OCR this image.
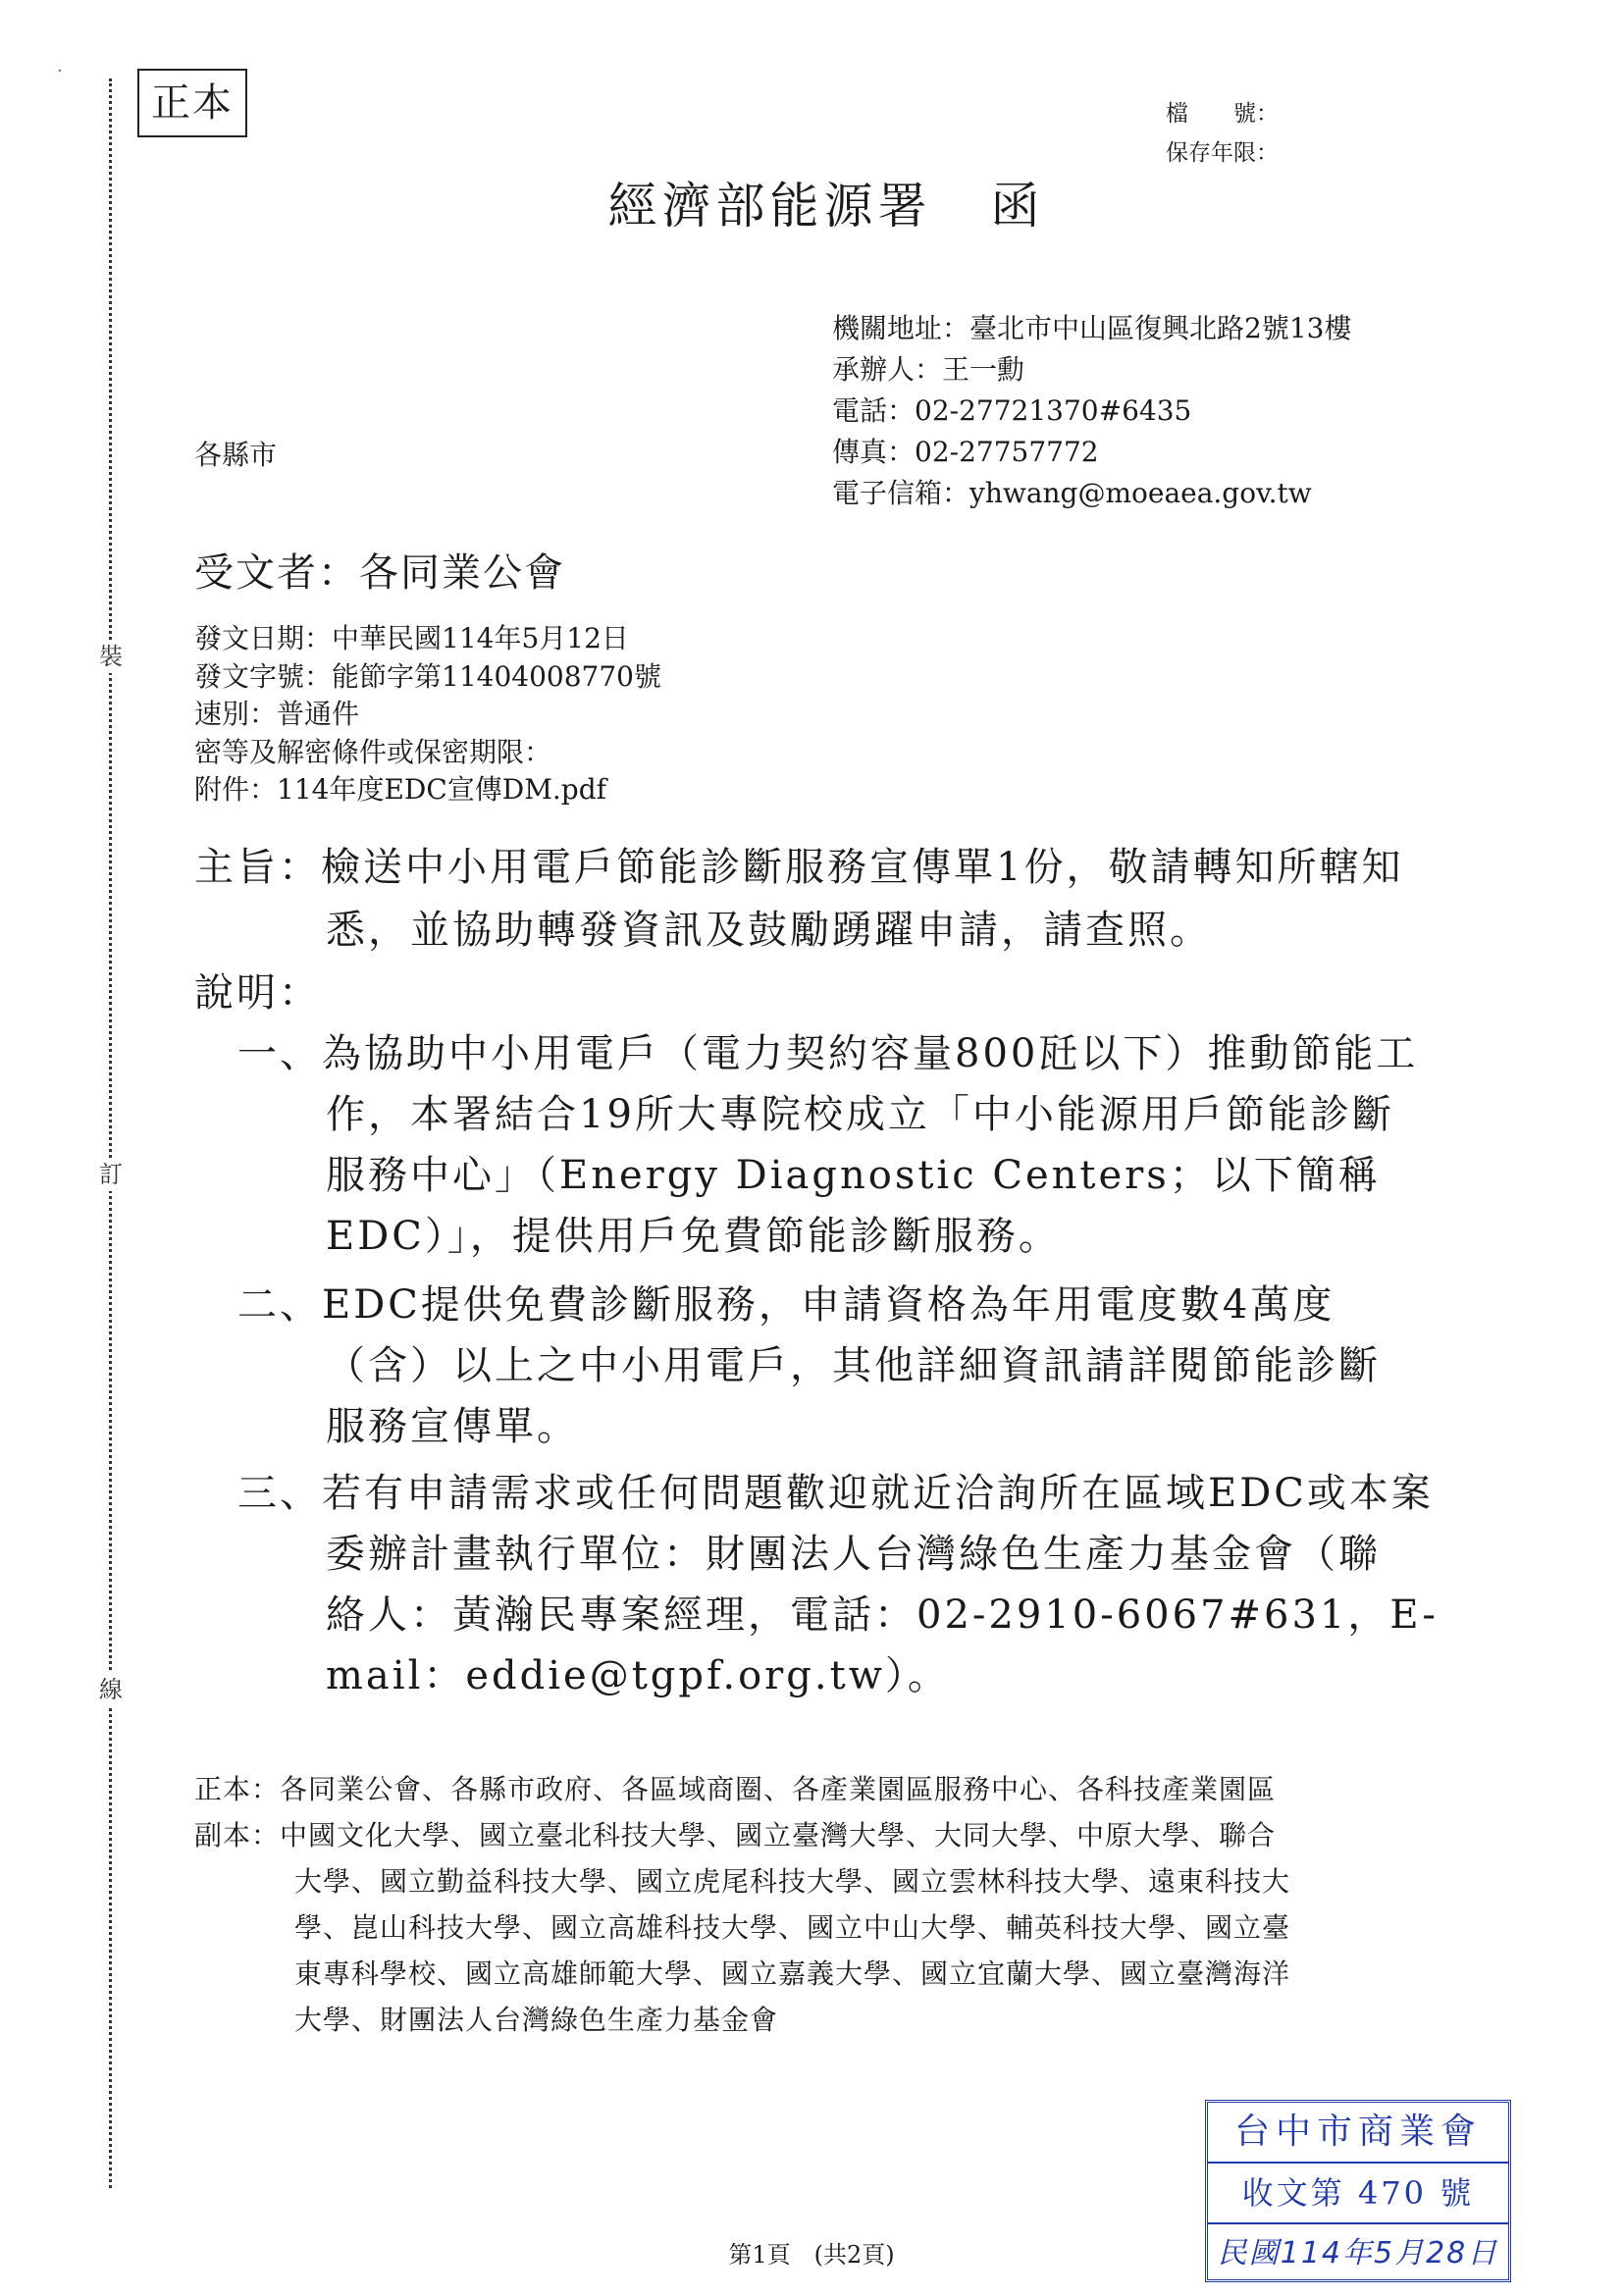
裝
訂
線
正本
·
檔　　號：
保存年限：
經濟部能源署 函
機關地址：臺北市中山區復興北路2號13樓
承辦人：王一勳
電話：02-27721370#6435
傳真：02-27757772
電子信箱：yhwang@moeaea.gov.tw
各縣市
受文者：各同業公會
發文日期：中華民國114年5月12日
發文字號：能節字第11404008770號
速別：普通件
密等及解密條件或保密期限：
附件：114年度EDC宣傳DM.pdf
主旨：檢送中小用電戶節能診斷服務宣傳單1份，敬請轉知所轄知
悉，並協助轉發資訊及鼓勵踴躍申請，請查照。
說明：
一、為協助中小用電戶（電力契約容量800瓩以下）推動節能工
作，本署結合19所大專院校成立「中小能源用戶節能診斷
服務中心」（Energy Diagnostic Centers；以下簡稱
EDC）」，提供用戶免費節能診斷服務。
二、EDC提供免費診斷服務，申請資格為年用電度數4萬度
（含）以上之中小用電戶，其他詳細資訊請詳閱節能診斷
服務宣傳單。
三、若有申請需求或任何問題歡迎就近洽詢所在區域EDC或本案
委辦計畫執行單位：財團法人台灣綠色生產力基金會（聯
絡人：黃瀚民專案經理，電話：02-2910-6067#631，E-
mail：eddie@tgpf.org.tw）。
正本：各同業公會、各縣市政府、各區域商圈、各產業園區服務中心、各科技產業園區
副本：中國文化大學、國立臺北科技大學、國立臺灣大學、大同大學、中原大學、聯合
大學、國立勤益科技大學、國立虎尾科技大學、國立雲林科技大學、遠東科技大
學、崑山科技大學、國立高雄科技大學、國立中山大學、輔英科技大學、國立臺
東專科學校、國立高雄師範大學、國立嘉義大學、國立宜蘭大學、國立臺灣海洋
大學、財團法人台灣綠色生產力基金會
台中市商業會
收文第 470 號
民國114年5月28日
第1頁　(共2頁)
